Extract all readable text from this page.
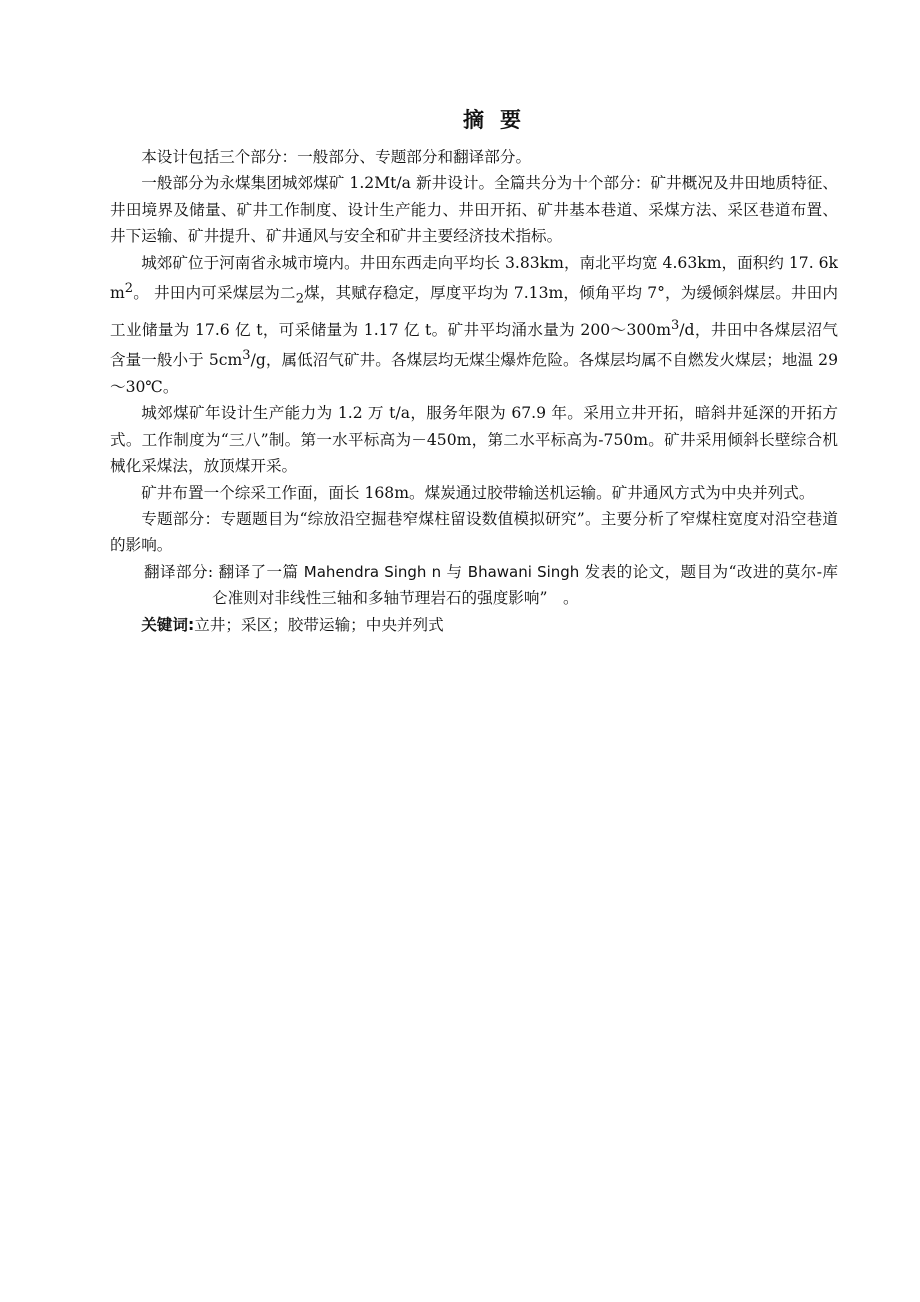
摘 要

本设计包括三个部分：一般部分、专题部分和翻译部分。

一般部分为永煤集团城郊煤矿 1.2Mt/a 新井设计。全篇共分为十个部分：矿井概况及井田地质特征、井田境界及储量、矿井工作制度、设计生产能力、井田开拓、矿井基本巷道、采煤方法、采区巷道布置、井下运输、矿井提升、矿井通风与安全和矿井主要经济技术指标。

城郊矿位于河南省永城市境内。井田东西走向平均长 3.83km，南北平均宽 4.63km，面积约 17. $6km^2$。 井田内可采煤层为二$_2$煤，其赋存稳定，厚度平均为 7.13m，倾角平均 7°，为缓倾斜煤层。井田内工业储量为 17.6 亿 t，可采储量为 1.17 亿 t。矿井平均涌水量为 $200\sim 300m^3/d$，井田中各煤层沼气含量一般小于 $5cm^3/g$，属低沼气矿井。各煤层均无煤尘爆炸危险。各煤层均属不自燃发火煤层；地温 29～30℃。

城郊煤矿年设计生产能力为 1.2 万 t/a，服务年限为 67.9 年。采用立井开拓，暗斜井延深的开拓方式。工作制度为“三八”制。第一水平标高为－450m，第二水平标高为-750m。矿井采用倾斜长壁综合机械化采煤法，放顶煤开采。

矿井布置一个综采工作面，面长 168m。煤炭通过胶带输送机运输。矿井通风方式为中央并列式。

专题部分：专题题目为“综放沿空掘巷窄煤柱留设数值模拟研究”。主要分析了窄煤柱宽度对沿空巷道的影响。

翻译部分: 翻译了一篇 Mahendra Singh n 与 Bhawani Singh 发表的论文，题目为“改进的莫尔-库仑准则对非线性三轴和多轴节理岩石的强度影响”　。

关键词:立井；采区；胶带运输；中央并列式
